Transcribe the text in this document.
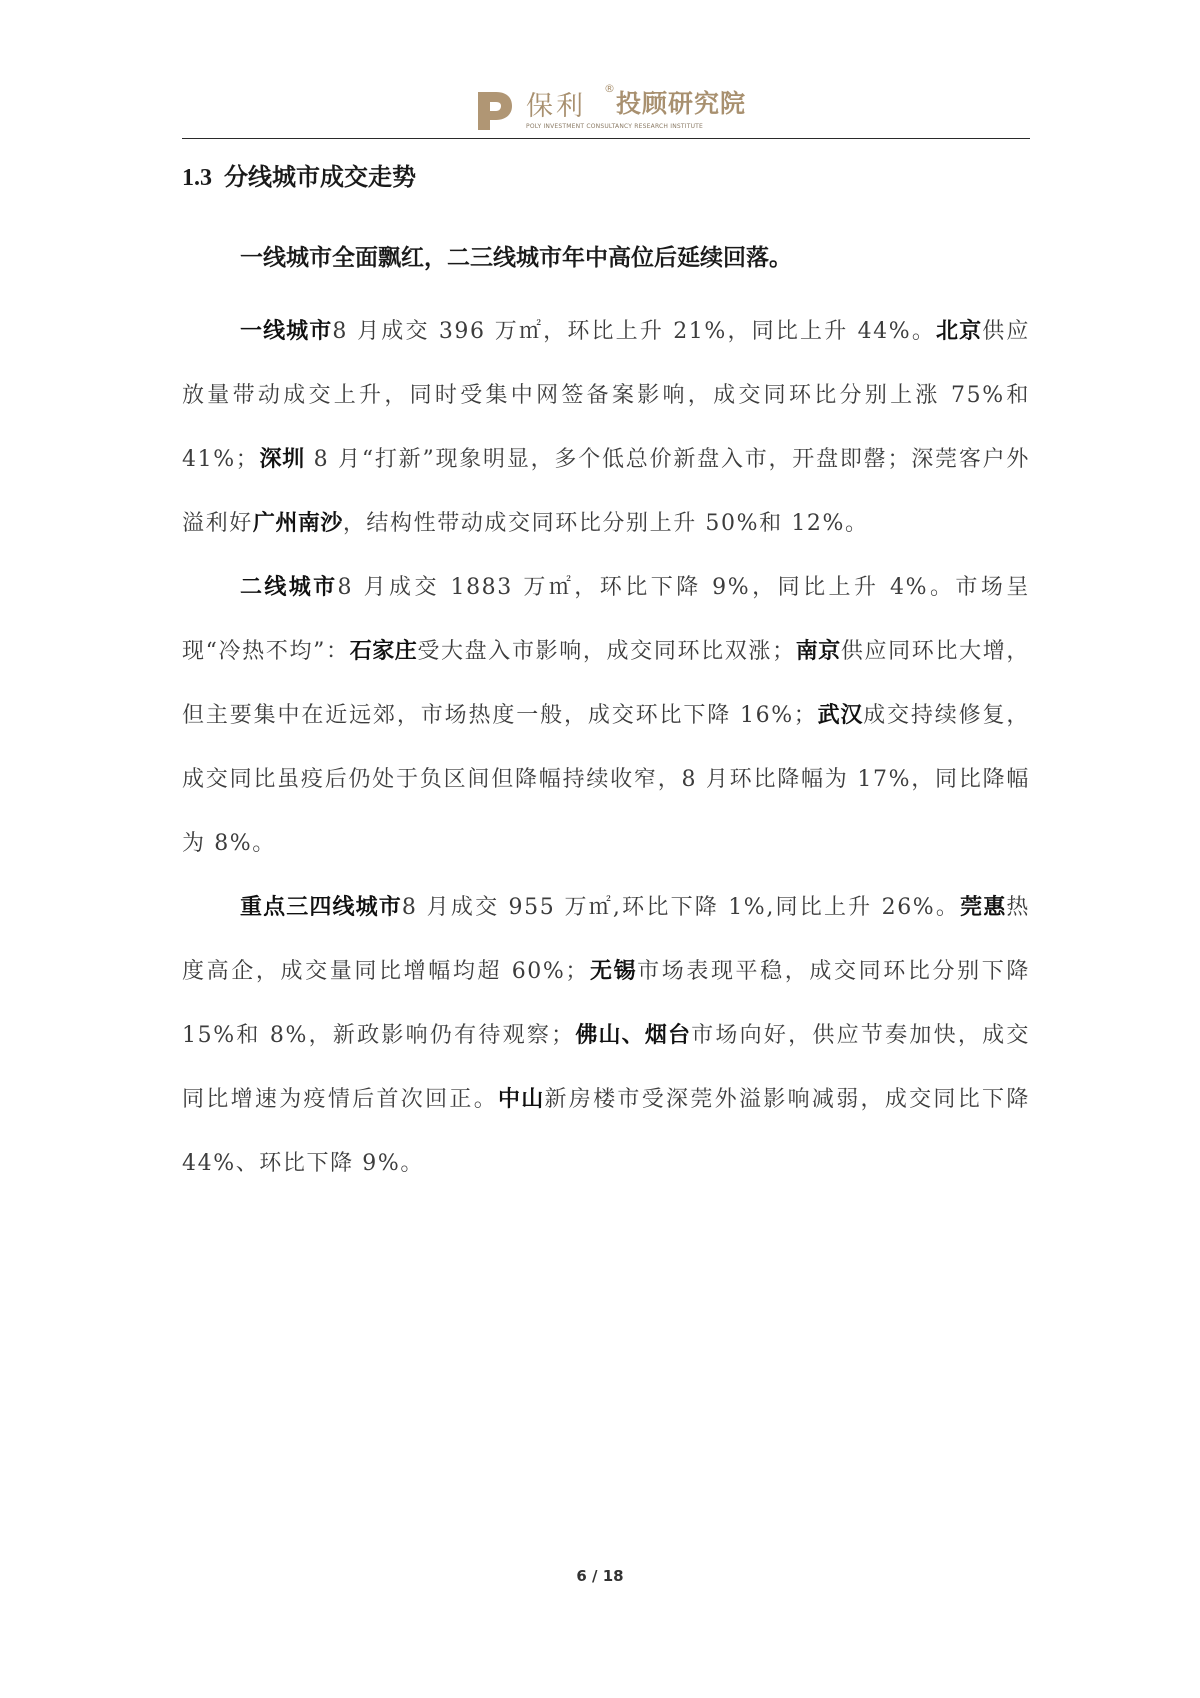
保利
®
投顾研究院
POLY INVESTMENT CONSULTANCY RESEARCH INSTITUTE
1.3 分线城市成交走势

一线城市全面飘红，二三线城市年中高位后延续回落。

一线城市8 月成交 396 万㎡，环比上升 21%，同比上升 44%。北京供应放量带动成交上升，同时受集中网签备案影响，成交同环比分别上涨 75%和 41%；深圳 8 月“打新”现象明显，多个低总价新盘入市，开盘即罄；深莞客户外溢利好广州南沙，结构性带动成交同环比分别上升 50%和 12%。

二线城市8 月成交 1883 万㎡，环比下降 9%，同比上升 4%。市场呈现“冷热不均”：石家庄受大盘入市影响，成交同环比双涨；南京供应同环比大增，但主要集中在近远郊，市场热度一般，成交环比下降 16%；武汉成交持续修复，成交同比虽疫后仍处于负区间但降幅持续收窄，8 月环比降幅为 17%，同比降幅为 8%。

重点三四线城市8 月成交 955 万㎡,环比下降 1%,同比上升 26%。莞惠热度高企，成交量同比增幅均超 60%；无锡市场表现平稳，成交同环比分别下降 15%和 8%，新政影响仍有待观察；佛山、烟台市场向好，供应节奏加快，成交同比增速为疫情后首次回正。中山新房楼市受深莞外溢影响减弱，成交同比下降 44%、环比下降 9%。

6 / 18
